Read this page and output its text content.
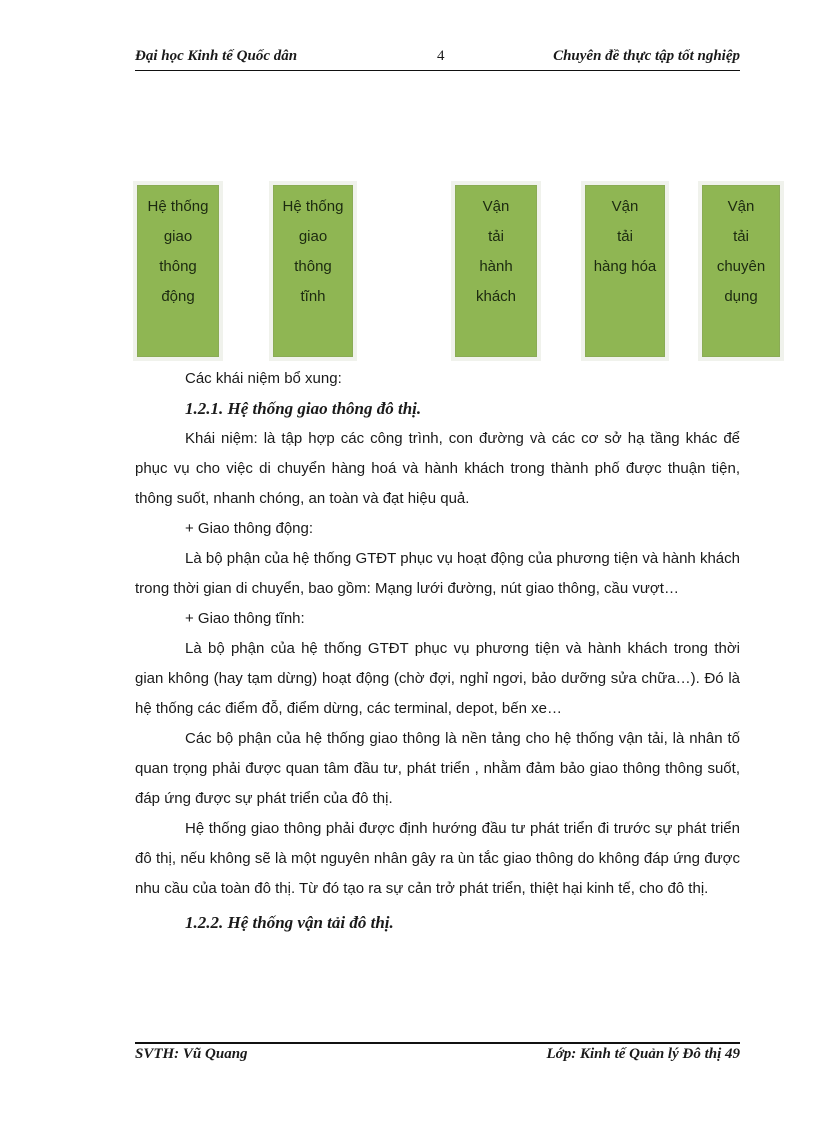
Đại học Kinh tế Quốc dân	4	Chuyên đề thực tập tốt nghiệp
Hệ thống
giao
thông
động
Hệ thống
giao
thông
tĩnh
Vận
tải
hành
khách
Vận
tải
hàng hóa
Vận
tải
chuyên
dụng

Các khái niệm bổ xung:

1.2.1. Hệ thống giao thông đô thị.

Khái niệm: là tập hợp các công trình, con đường và các cơ sở hạ tầng khác để phục vụ cho việc di chuyển hàng hoá và hành khách trong thành phố được thuận tiện, thông suốt, nhanh chóng, an toàn và đạt hiệu quả.

+ Giao thông động:

Là bộ phận của hệ thống GTĐT phục vụ hoạt động của phương tiện và hành khách trong thời gian di chuyển, bao gồm: Mạng lưới đường, nút giao thông, cầu vượt…

+ Giao thông tĩnh:

Là bộ phận của hệ thống GTĐT phục vụ phương tiện và hành khách trong thời gian không (hay tạm dừng) hoạt động (chờ đợi, nghỉ ngơi, bảo dưỡng sửa chữa…). Đó là hệ thống các điểm đỗ, điểm dừng, các terminal, depot, bến xe…

Các bộ phận của hệ thống giao thông là nền tảng cho hệ thống vận tải, là nhân tố quan trọng phải được quan tâm đầu tư, phát triển , nhằm đảm bảo giao thông thông suốt, đáp ứng được sự phát triển của đô thị.

Hệ thống giao thông phải được định hướng đầu tư phát triển đi trước sự phát triển đô thị, nếu không sẽ là một nguyên nhân gây ra ùn tắc giao thông do không đáp ứng được nhu cầu của toàn đô thị. Từ đó tạo ra sự cản trở phát triển, thiệt hại kinh tế, cho đô thị.

1.2.2. Hệ thống vận tải đô thị.

SVTH: Vũ Quang	Lớp: Kinh tế Quản lý Đô thị 49
